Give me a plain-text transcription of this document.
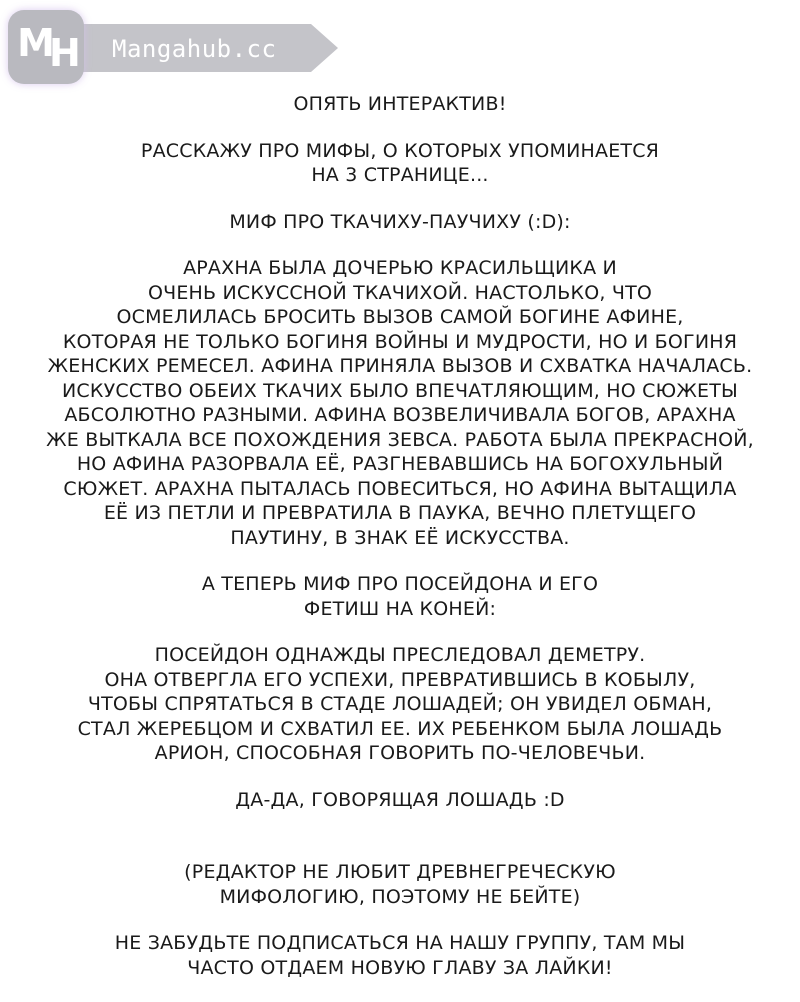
M H Mangahub.cc
ОПЯТЬ ИНТЕРАКТИВ!
РАССКАЖУ ПРО МИФЫ, О КОТОРЫХ УПОМИНАЕТСЯ
НА 3 СТРАНИЦЕ...
МИФ ПРО ТКАЧИХУ-ПАУЧИХУ (:D):
АРАХНА БЫЛА ДОЧЕРЬЮ КРАСИЛЬЩИКА И
ОЧЕНЬ ИСКУССНОЙ ТКАЧИХОЙ. НАСТОЛЬКО, ЧТО
ОСМЕЛИЛАСЬ БРОСИТЬ ВЫЗОВ САМОЙ БОГИНЕ АФИНЕ,
КОТОРАЯ НЕ ТОЛЬКО БОГИНЯ ВОЙНЫ И МУДРОСТИ, НО И БОГИНЯ
ЖЕНСКИХ РЕМЕСЕЛ. АФИНА ПРИНЯЛА ВЫЗОВ И СХВАТКА НАЧАЛАСЬ.
ИСКУССТВО ОБЕИХ ТКАЧИХ БЫЛО ВПЕЧАТЛЯЮЩИМ, НО СЮЖЕТЫ
АБСОЛЮТНО РАЗНЫМИ. АФИНА ВОЗВЕЛИЧИВАЛА БОГОВ, АРАХНА
ЖЕ ВЫТКАЛА ВСЕ ПОХОЖДЕНИЯ ЗЕВСА. РАБОТА БЫЛА ПРЕКРАСНОЙ,
НО АФИНА РАЗОРВАЛА ЕЁ, РАЗГНЕВАВШИСЬ НА БОГОХУЛЬНЫЙ
СЮЖЕТ. АРАХНА ПЫТАЛАСЬ ПОВЕСИТЬСЯ, НО АФИНА ВЫТАЩИЛА
ЕЁ ИЗ ПЕТЛИ И ПРЕВРАТИЛА В ПАУКА, ВЕЧНО ПЛЕТУЩЕГО
ПАУТИНУ, В ЗНАК ЕЁ ИСКУССТВА.
А ТЕПЕРЬ МИФ ПРО ПОСЕЙДОНА И ЕГО
ФЕТИШ НА КОНЕЙ:
ПОСЕЙДОН ОДНАЖДЫ ПРЕСЛЕДОВАЛ ДЕМЕТРУ.
ОНА ОТВЕРГЛА ЕГО УСПЕХИ, ПРЕВРАТИВШИСЬ В КОБЫЛУ,
ЧТОБЫ СПРЯТАТЬСЯ В СТАДЕ ЛОШАДЕЙ; ОН УВИДЕЛ ОБМАН,
СТАЛ ЖЕРЕБЦОМ И СХВАТИЛ ЕЕ. ИХ РЕБЕНКОМ БЫЛА ЛОШАДЬ
АРИОН, СПОСОБНАЯ ГОВОРИТЬ ПО-ЧЕЛОВЕЧЬИ.
ДА-ДА, ГОВОРЯЩАЯ ЛОШАДЬ :D
(РЕДАКТОР НЕ ЛЮБИТ ДРЕВНЕГРЕЧЕСКУЮ
МИФОЛОГИЮ, ПОЭТОМУ НЕ БЕЙТЕ)
НЕ ЗАБУДЬТЕ ПОДПИСАТЬСЯ НА НАШУ ГРУППУ, ТАМ МЫ
ЧАСТО ОТДАЕМ НОВУЮ ГЛАВУ ЗА ЛАЙКИ!
